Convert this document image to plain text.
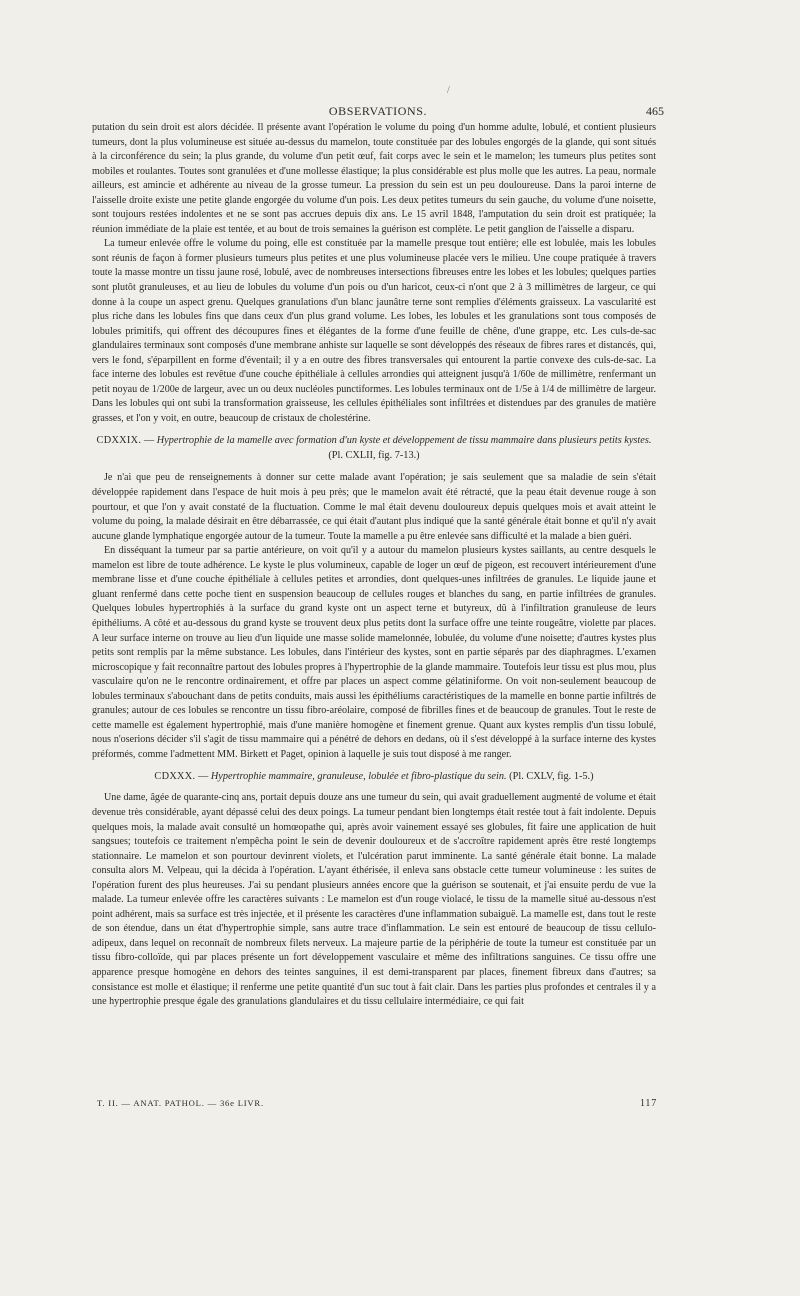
/
OBSERVATIONS.	465

putation du sein droit est alors décidée. Il présente avant l'opération le volume du poing d'un homme adulte, lobulé, et contient plusieurs tumeurs, dont la plus volumineuse est située au-dessus du mamelon, toute constituée par des lobules engorgés de la glande, qui sont situés à la circonférence du sein; la plus grande, du volume d'un petit œuf, fait corps avec le sein et le mamelon; les tumeurs plus petites sont mobiles et roulantes. Toutes sont granulées et d'une mollesse élastique; la plus considérable est plus molle que les autres. La peau, normale ailleurs, est amincie et adhérente au niveau de la grosse tumeur. La pression du sein est un peu douloureuse. Dans la paroi interne de l'aisselle droite existe une petite glande engorgée du volume d'un pois. Les deux petites tumeurs du sein gauche, du volume d'une noisette, sont toujours restées indolentes et ne se sont pas accrues depuis dix ans. Le 15 avril 1848, l'amputation du sein droit est pratiquée; la réunion immédiate de la plaie est tentée, et au bout de trois semaines la guérison est complète. Le petit ganglion de l'aisselle a disparu.

La tumeur enlevée offre le volume du poing, elle est constituée par la mamelle presque tout entière; elle est lobulée, mais les lobules sont réunis de façon à former plusieurs tumeurs plus petites et une plus volumineuse placée vers le milieu. Une coupe pratiquée à travers toute la masse montre un tissu jaune rosé, lobulé, avec de nombreuses intersections fibreuses entre les lobes et les lobules; quelques parties sont plutôt granuleuses, et au lieu de lobules du volume d'un pois ou d'un haricot, ceux-ci n'ont que 2 à 3 millimètres de largeur, ce qui donne à la coupe un aspect grenu. Quelques granulations d'un blanc jaunâtre terne sont remplies d'éléments graisseux. La vascularité est plus riche dans les lobules fins que dans ceux d'un plus grand volume. Les lobes, les lobules et les granulations sont tous composés de lobules primitifs, qui offrent des découpures fines et élégantes de la forme d'une feuille de chêne, d'une grappe, etc. Les culs-de-sac glandulaires terminaux sont composés d'une membrane anhiste sur laquelle se sont développés des réseaux de fibres rares et distancés, qui, vers le fond, s'éparpillent en forme d'éventail; il y a en outre des fibres transversales qui entourent la partie convexe des culs-de-sac. La face interne des lobules est revêtue d'une couche épithéliale à cellules arrondies qui atteignent jusqu'à 1/60e de millimètre, renfermant un petit noyau de 1/200e de largeur, avec un ou deux nucléoles punctiformes. Les lobules terminaux ont de 1/5e à 1/4 de millimètre de largeur. Dans les lobules qui ont subi la transformation graisseuse, les cellules épithéliales sont infiltrées et distendues par des granules de matière grasses, et l'on y voit, en outre, beaucoup de cristaux de cholestérine.

CDXXIX. — Hypertrophie de la mamelle avec formation d'un kyste et développement de tissu mammaire dans plusieurs petits kystes.
(Pl. CXLII, fig. 7-13.)

Je n'ai que peu de renseignements à donner sur cette malade avant l'opération; je sais seulement que sa maladie de sein s'était développée rapidement dans l'espace de huit mois à peu près; que le mamelon avait été rétracté, que la peau était devenue rouge à son pourtour, et que l'on y avait constaté de la fluctuation. Comme le mal était devenu douloureux depuis quelques mois et avait atteint le volume du poing, la malade désirait en être débarrassée, ce qui était d'autant plus indiqué que la santé générale était bonne et qu'il n'y avait aucune glande lymphatique engorgée autour de la tumeur. Toute la mamelle a pu être enlevée sans difficulté et la malade a bien guéri.

En disséquant la tumeur par sa partie antérieure, on voit qu'il y a autour du mamelon plusieurs kystes saillants, au centre desquels le mamelon est libre de toute adhérence. Le kyste le plus volumineux, capable de loger un œuf de pigeon, est recouvert intérieurement d'une membrane lisse et d'une couche épithéliale à cellules petites et arrondies, dont quelques-unes infiltrées de granules. Le liquide jaune et gluant renfermé dans cette poche tient en suspension beaucoup de cellules rouges et blanches du sang, en partie infiltrées de granules. Quelques lobules hypertrophiés à la surface du grand kyste ont un aspect terne et butyreux, dû à l'infiltration granuleuse de leurs épithéliums. A côté et au-dessous du grand kyste se trouvent deux plus petits dont la surface offre une teinte rougeâtre, violette par places. A leur surface interne on trouve au lieu d'un liquide une masse solide mamelonnée, lobulée, du volume d'une noisette; d'autres kystes plus petits sont remplis par la même substance. Les lobules, dans l'intérieur des kystes, sont en partie séparés par des diaphragmes. L'examen microscopique y fait reconnaître partout des lobules propres à l'hypertrophie de la glande mammaire. Toutefois leur tissu est plus mou, plus vasculaire qu'on ne le rencontre ordinairement, et offre par places un aspect comme gélatiniforme. On voit non-seulement beaucoup de lobules terminaux s'abouchant dans de petits conduits, mais aussi les épithéliums caractéristiques de la mamelle en bonne partie infiltrés de granules; autour de ces lobules se rencontre un tissu fibro-aréolaire, composé de fibrilles fines et de beaucoup de granules. Tout le reste de cette mamelle est également hypertrophié, mais d'une manière homogène et finement grenue. Quant aux kystes remplis d'un tissu lobulé, nous n'oserions décider s'il s'agit de tissu mammaire qui a pénétré de dehors en dedans, où il s'est développé à la surface interne des kystes préformés, comme l'admettent MM. Birkett et Paget, opinion à laquelle je suis tout disposé à me ranger.

CDXXX. — Hypertrophie mammaire, granuleuse, lobulée et fibro-plastique du sein. (Pl. CXLV, fig. 1-5.)

Une dame, âgée de quarante-cinq ans, portait depuis douze ans une tumeur du sein, qui avait graduellement augmenté de volume et était devenue très considérable, ayant dépassé celui des deux poings. La tumeur pendant bien longtemps était restée tout à fait indolente. Depuis quelques mois, la malade avait consulté un homœopathe qui, après avoir vainement essayé ses globules, fit faire une application de huit sangsues; toutefois ce traitement n'empêcha point le sein de devenir douloureux et de s'accroître rapidement après être resté longtemps stationnaire. Le mamelon et son pourtour devinrent violets, et l'ulcération parut imminente. La santé générale était bonne. La malade consulta alors M. Velpeau, qui la décida à l'opération. L'ayant éthérisée, il enleva sans obstacle cette tumeur volumineuse : les suites de l'opération furent des plus heureuses. J'ai su pendant plusieurs années encore que la guérison se soutenait, et j'ai ensuite perdu de vue la malade. La tumeur enlevée offre les caractères suivants : Le mamelon est d'un rouge violacé, le tissu de la mamelle situé au-dessous n'est point adhérent, mais sa surface est très injectée, et il présente les caractères d'une inflammation subaiguë. La mamelle est, dans tout le reste de son étendue, dans un état d'hypertrophie simple, sans autre trace d'inflammation. Le sein est entouré de beaucoup de tissu cellulo-adipeux, dans lequel on reconnaît de nombreux filets nerveux. La majeure partie de la périphérie de toute la tumeur est constituée par un tissu fibro-colloïde, qui par places présente un fort développement vasculaire et même des infiltrations sanguines. Ce tissu offre une apparence presque homogène en dehors des teintes sanguines, il est demi-transparent par places, finement fibreux dans d'autres; sa consistance est molle et élastique; il renferme une petite quantité d'un suc tout à fait clair. Dans les parties plus profondes et centrales il y a une hypertrophie presque égale des granulations glandulaires et du tissu cellulaire intermédiaire, ce qui fait

T. II. — ANAT. PATHOL. — 36e LIVR.	117
